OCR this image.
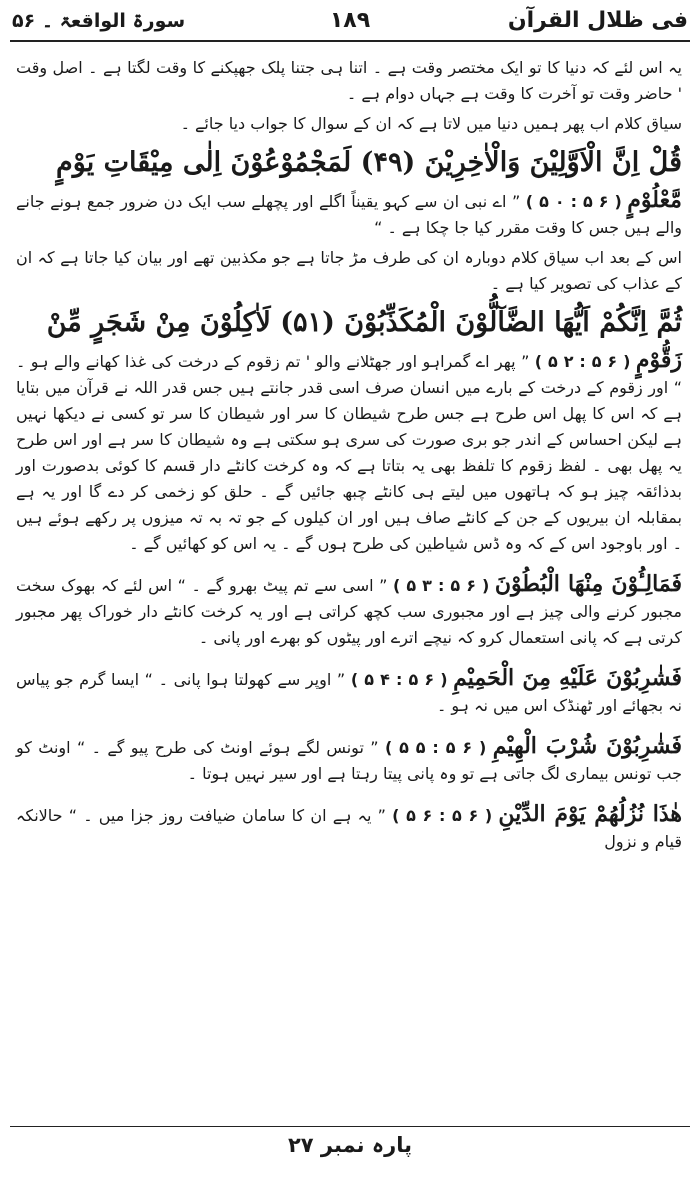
فی ظلال القرآن
۱۸۹
سورۃ الواقعۃ ۔ ۵۶

یہ اس لئے کہ دنیا کا تو ایک مختصر وقت ہے ۔ اتنا ہی جتنا پلک جھپکنے کا وقت لگتا ہے ۔ اصل وقت ' حاضر وقت تو آخرت کا وقت ہے جہاں دوام ہے ۔

سیاق کلام اب پھر ہمیں دنیا میں لاتا ہے کہ ان کے سوال کا جواب دیا جائے ۔

قُلْ اِنَّ الْاَوَّلِیْنَ وَالْاٰخِرِیْنَ (۴۹) لَمَجْمُوْعُوْنَ اِلٰی مِیْقَاتِ یَوْمٍ

مَّعْلُوْمٍ ( ۶ ۵ : ۰ ۵ ) ” اے نبی ان سے کہو یقیناً اگلے اور پچھلے سب ایک دن ضرور جمع ہونے جانے والے ہیں جس کا وقت مقرر کیا جا چکا ہے ۔ “

اس کے بعد اب سیاق کلام دوبارہ ان کی طرف مڑ جاتا ہے جو مکذبین تھے اور بیان کیا جاتا ہے کہ ان کے عذاب کی تصویر کیا ہے ۔

ثُمَّ اِنَّكُمْ اَیُّهَا الضَّآلُّوْنَ الْمُكَذِّبُوْنَ (۵۱) لَاٰكِلُوْنَ مِنْ شَجَرٍ مِّنْ

زَقُّوْمٍ ( ۶ ۵ : ۲ ۵ ) ” پھر اے گمراہو اور جھٹلانے والو ' تم زقوم کے درخت کی غذا کھانے والے ہو ۔ “ اور زقوم کے درخت کے بارے میں انسان صرف اسی قدر جانتے ہیں جس قدر اللہ نے قرآن میں بتایا ہے کہ اس کا پھل اس طرح ہے جس طرح شیطان کا سر اور شیطان کا سر تو کسی نے دیکھا نہیں ہے لیکن احساس کے اندر جو بری صورت کی سری ہو سکتی ہے وہ شیطان کا سر ہے اور اس طرح یہ پھل بھی ۔ لفظ زقوم کا تلفظ بھی یہ بتاتا ہے کہ وہ کرخت کانٹے دار قسم کا کوئی بدصورت اور بدذائقہ چیز ہو کہ ہاتھوں میں لیتے ہی کانٹے چبھ جائیں گے ۔ حلق کو زخمی کر دے گا اور یہ ہے بمقابلہ ان بیریوں کے جن کے کانٹے صاف ہیں اور ان کیلوں کے جو تہ بہ تہ میزوں پر رکھے ہوئے ہیں ۔ اور باوجود اس کے کہ وہ ڈس شیاطین کی طرح ہوں گے ۔ یہ اس کو کھائیں گے ۔

فَمَالِـُٔوْنَ مِنْهَا الْبُطُوْنَ ( ۶ ۵ : ۳ ۵ ) ” اسی سے تم پیٹ بھرو گے ۔ “ اس لئے کہ بھوک سخت مجبور کرنے والی چیز ہے اور مجبوری سب کچھ کراتی ہے اور یہ کرخت کانٹے دار خوراک پھر مجبور کرتی ہے کہ پانی استعمال کرو کہ نیچے اترے اور پیٹوں کو بھرے اور پانی ۔

فَشٰرِبُوْنَ عَلَیْهِ مِنَ الْحَمِیْمِ ( ۶ ۵ : ۴ ۵ ) ” اوپر سے کھولتا ہوا پانی ۔ “ ایسا گرم جو پیاس نہ بجھائے اور ٹھنڈک اس میں نہ ہو ۔

فَشٰرِبُوْنَ شُرْبَ الْهِیْمِ ( ۶ ۵ : ۵ ۵ ) ” تونس لگے ہوئے اونٹ کی طرح پیو گے ۔ “ اونٹ کو جب تونس بیماری لگ جاتی ہے تو وہ پانی پیتا رہتا ہے اور سیر نہیں ہوتا ۔

هٰذَا نُزُلُهُمْ یَوْمَ الدِّیْنِ ( ۶ ۵ : ۶ ۵ ) ” یہ ہے ان کا سامان ضیافت روز جزا میں ۔ “ حالانکہ قیام و نزول

پارہ نمبر ۲۷
